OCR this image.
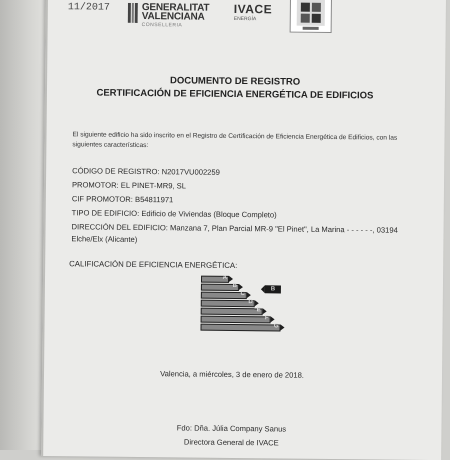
11/2017	GENERALITAT
VALENCIANA
CONSELLERIA
IVACE
ENERGÍA
DOCUMENTO DE REGISTRO
CERTIFICACIÓN DE EFICIENCIA ENERGÉTICA DE EDIFICIOS
El siguiente edificio ha sido inscrito en el Registro de Certificación de Eficiencia Energética de Edificios, con las siguientes características:
CÓDIGO DE REGISTRO: N2017VU002259
PROMOTOR: EL PINET-MR9, SL
CIF PROMOTOR: B54811971
TIPO DE EDIFICIO: Edificio de Viviendas (Bloque Completo)
DIRECCIÓN DEL EDIFICIO: Manzana 7, Plan Parcial MR-9 "El Pinet", La Marina - - - - - -, 03194 Elche/Elx (Alicante)
CALIFICACIÓN DE EFICIENCIA ENERGÉTICA:
A
B
C
D
E
F
G
B
Valencia, a miércoles, 3 de enero de 2018.
Fdo: Dña. Júlia Company Sanus
Directora General de IVACE
